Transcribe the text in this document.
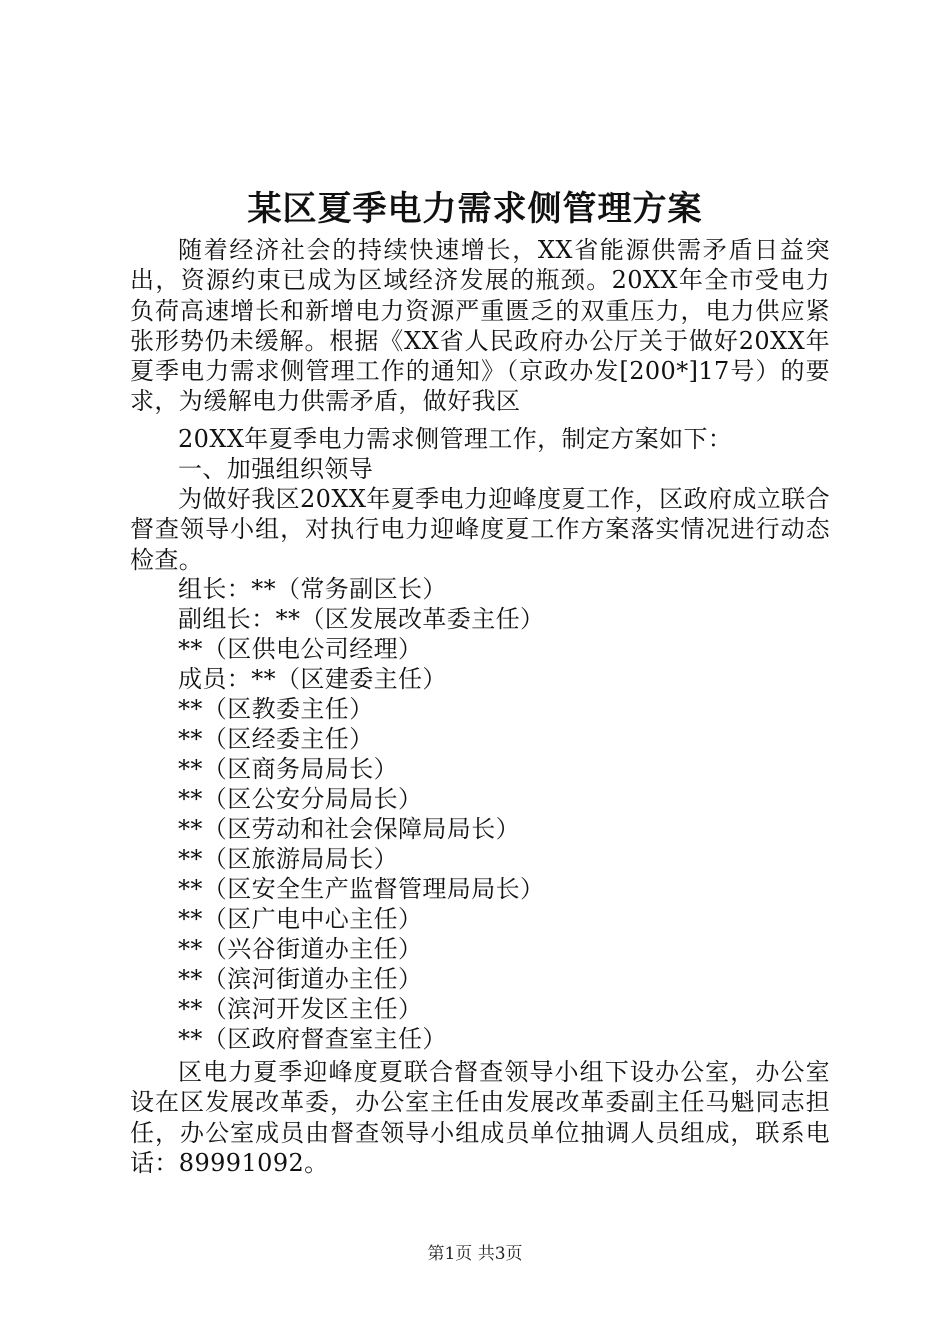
某区夏季电力需求侧管理方案

随着经济社会的持续快速增长，XX省能源供需矛盾日益突出，资源约束已成为区域经济发展的瓶颈。20XX年全市受电力负荷高速增长和新增电力资源严重匮乏的双重压力，电力供应紧张形势仍未缓解。根据《XX省人民政府办公厅关于做好20XX年夏季电力需求侧管理工作的通知》（京政办发[200*]17号）的要求，为缓解电力供需矛盾，做好我区

20XX年夏季电力需求侧管理工作，制定方案如下：
一、加强组织领导

为做好我区20XX年夏季电力迎峰度夏工作，区政府成立联合督查领导小组，对执行电力迎峰度夏工作方案落实情况进行动态检查。

组长：**（常务副区长）
副组长：**（区发展改革委主任）
**（区供电公司经理）
成员：**（区建委主任）
**（区教委主任）
**（区经委主任）
**（区商务局局长）
**（区公安分局局长）
**（区劳动和社会保障局局长）
**（区旅游局局长）
**（区安全生产监督管理局局长）
**（区广电中心主任）
**（兴谷街道办主任）
**（滨河街道办主任）
**（滨河开发区主任）
**（区政府督查室主任）

区电力夏季迎峰度夏联合督查领导小组下设办公室，办公室设在区发展改革委，办公室主任由发展改革委副主任马魁同志担任，办公室成员由督查领导小组成员单位抽调人员组成，联系电话：89991092。

第1页 共3页
